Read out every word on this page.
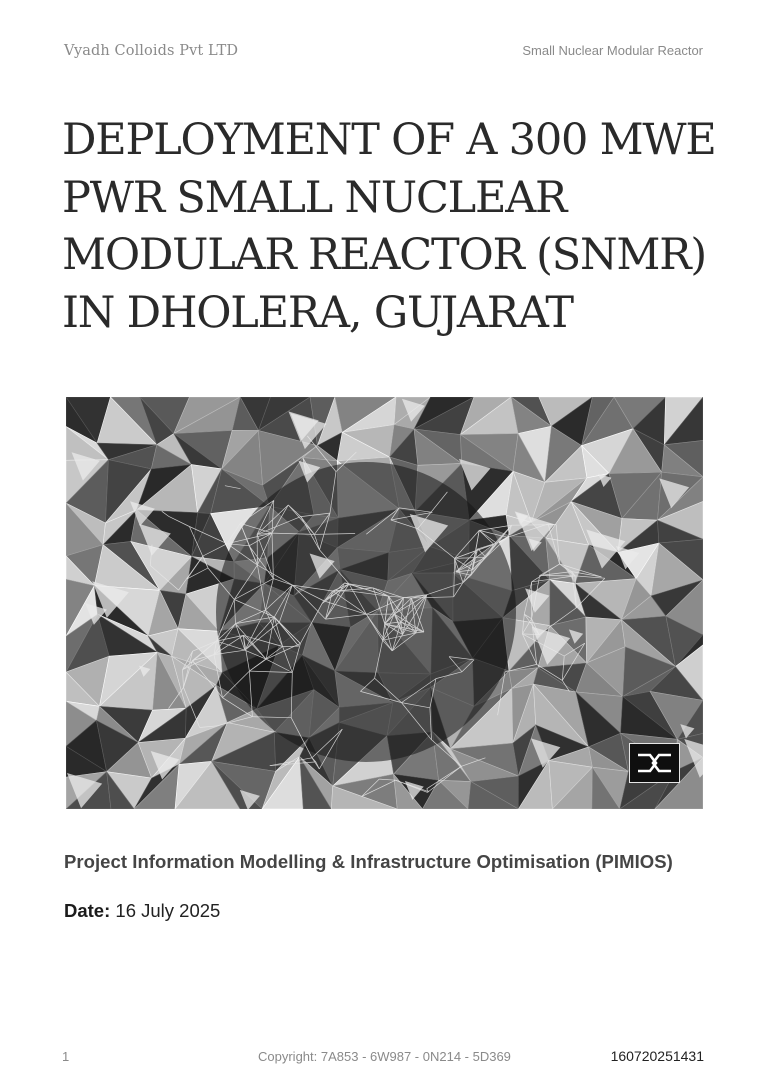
Vyadh Colloids Pvt LTD	Small Nuclear Modular Reactor
DEPLOYMENT OF A 300 MWE
PWR SMALL NUCLEAR
MODULAR REACTOR (SNMR)
IN DHOLERA, GUJARAT
Project Information Modelling & Infrastructure Optimisation (PIMIOS)
Date: 16 July 2025
1	Copyright: 7A853 - 6W987 - 0N214 - 5D369	160720251431
